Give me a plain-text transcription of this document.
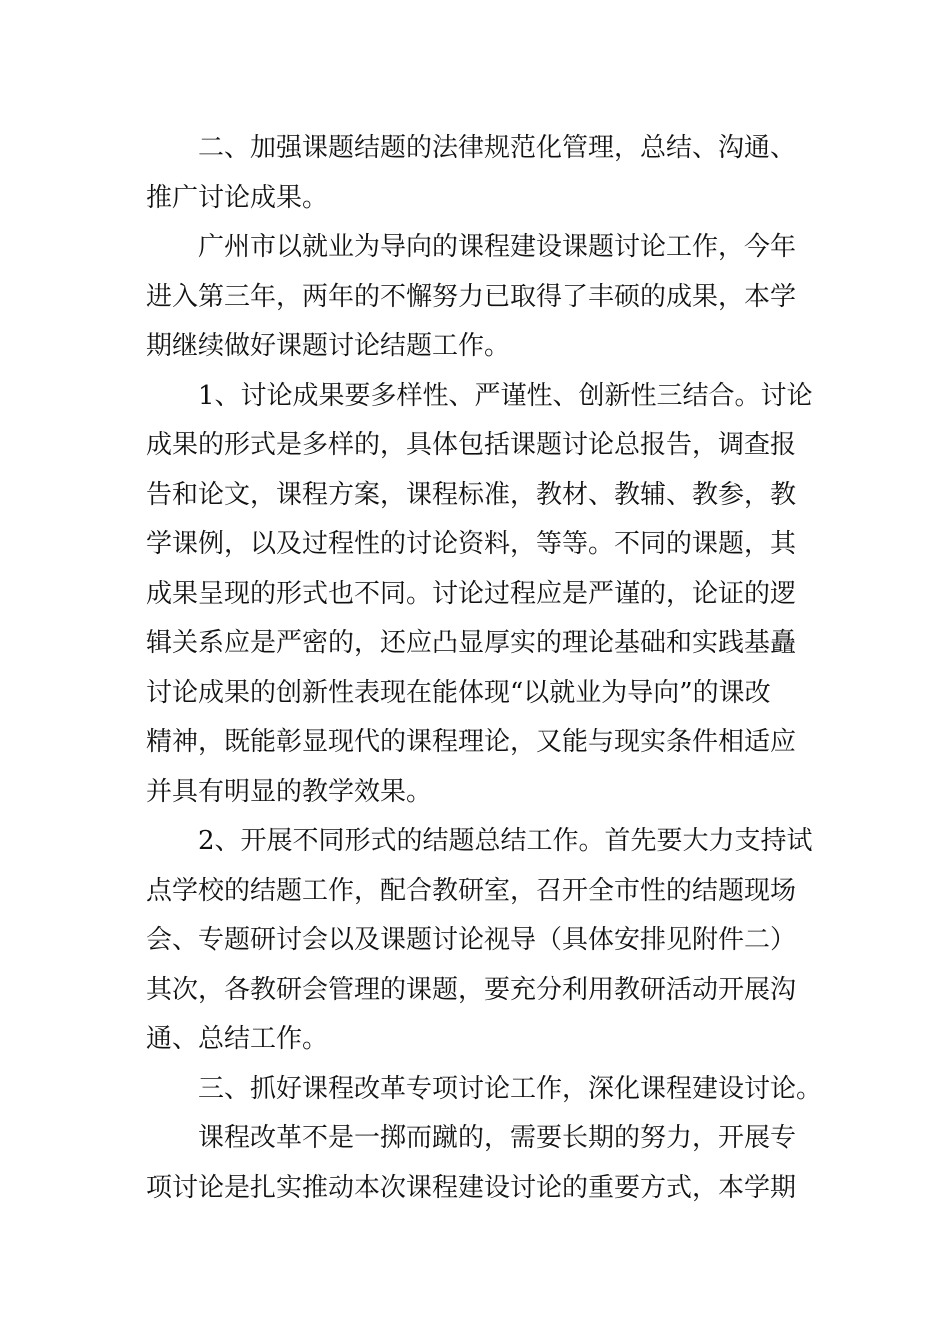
二、加强课题结题的法律规范化管理，总结、沟通、
推广讨论成果。
广州市以就业为导向的课程建设课题讨论工作，今年
进入第三年，两年的不懈努力已取得了丰硕的成果，本学
期继续做好课题讨论结题工作。
1、讨论成果要多样性、严谨性、创新性三结合。讨论
成果的形式是多样的，具体包括课题讨论总报告，调查报
告和论文，课程方案，课程标准，教材、教辅、教参，教
学课例，以及过程性的讨论资料，等等。不同的课题，其
成果呈现的形式也不同。讨论过程应是严谨的，论证的逻
辑关系应是严密的，还应凸显厚实的理论基础和实践基矗
讨论成果的创新性表现在能体现“以就业为导向”的课改
精神，既能彰显现代的课程理论，又能与现实条件相适应
并具有明显的教学效果。
2、开展不同形式的结题总结工作。首先要大力支持试
点学校的结题工作，配合教研室，召开全市性的结题现场
会、专题研讨会以及课题讨论视导（具体安排见附件二）
其次，各教研会管理的课题，要充分利用教研活动开展沟
通、总结工作。
三、抓好课程改革专项讨论工作，深化课程建设讨论。
课程改革不是一掷而蹴的，需要长期的努力，开展专
项讨论是扎实推动本次课程建设讨论的重要方式，本学期
